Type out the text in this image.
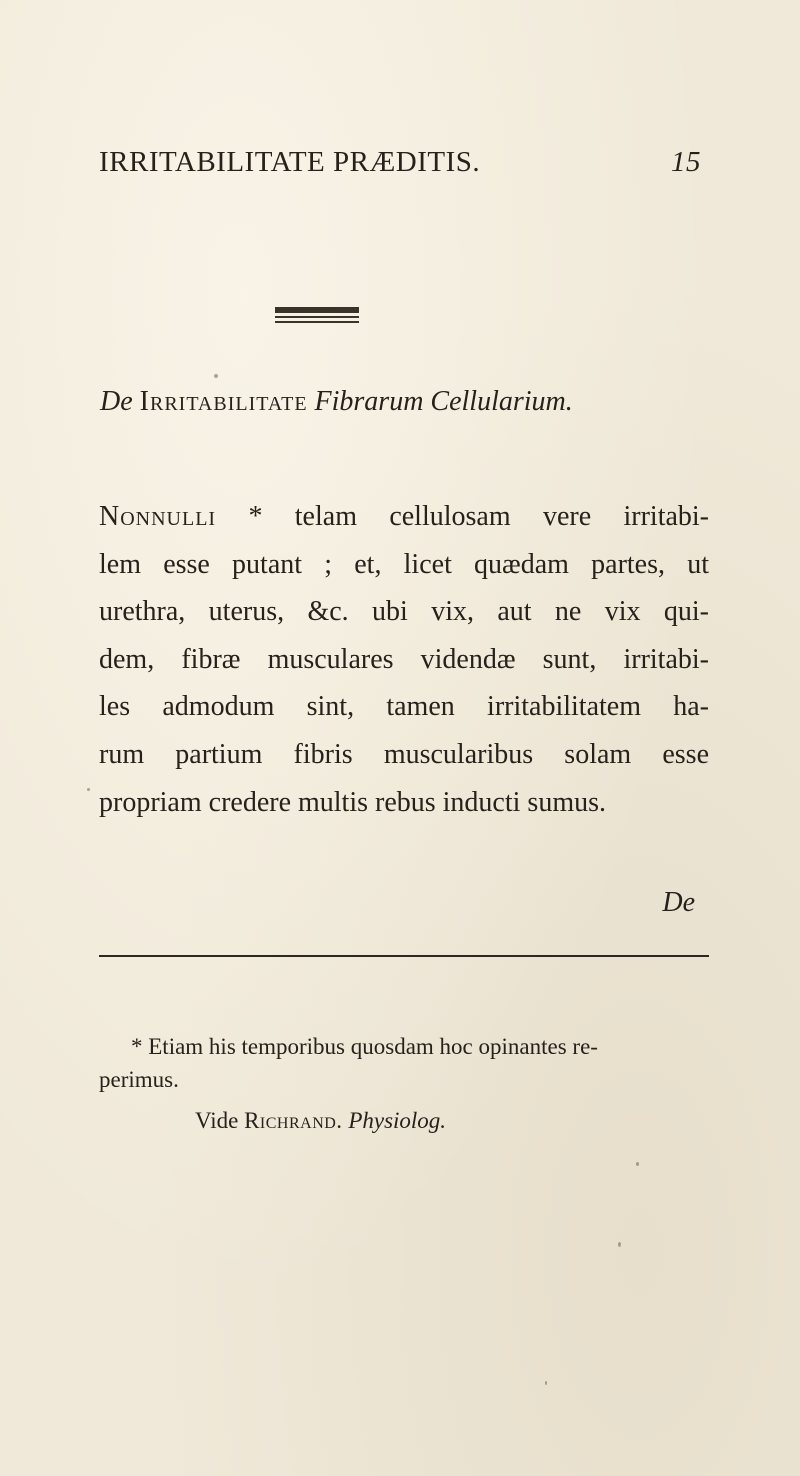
IRRITABILITATE PRÆDITIS.	15
De Irritabilitate Fibrarum Cellularium.
Nonnulli * telam cellulosam vere irritabi-
lem esse putant ; et, licet quædam partes, ut
urethra, uterus, &c. ubi vix, aut ne vix qui-
dem, fibræ musculares videndæ sunt, irritabi-
les admodum sint, tamen irritabilitatem ha-
rum partium fibris muscularibus solam esse
propriam credere multis rebus inducti sumus.
De
* Etiam his temporibus quosdam hoc opinantes re-
perimus.
Vide Richrand. Physiolog.
